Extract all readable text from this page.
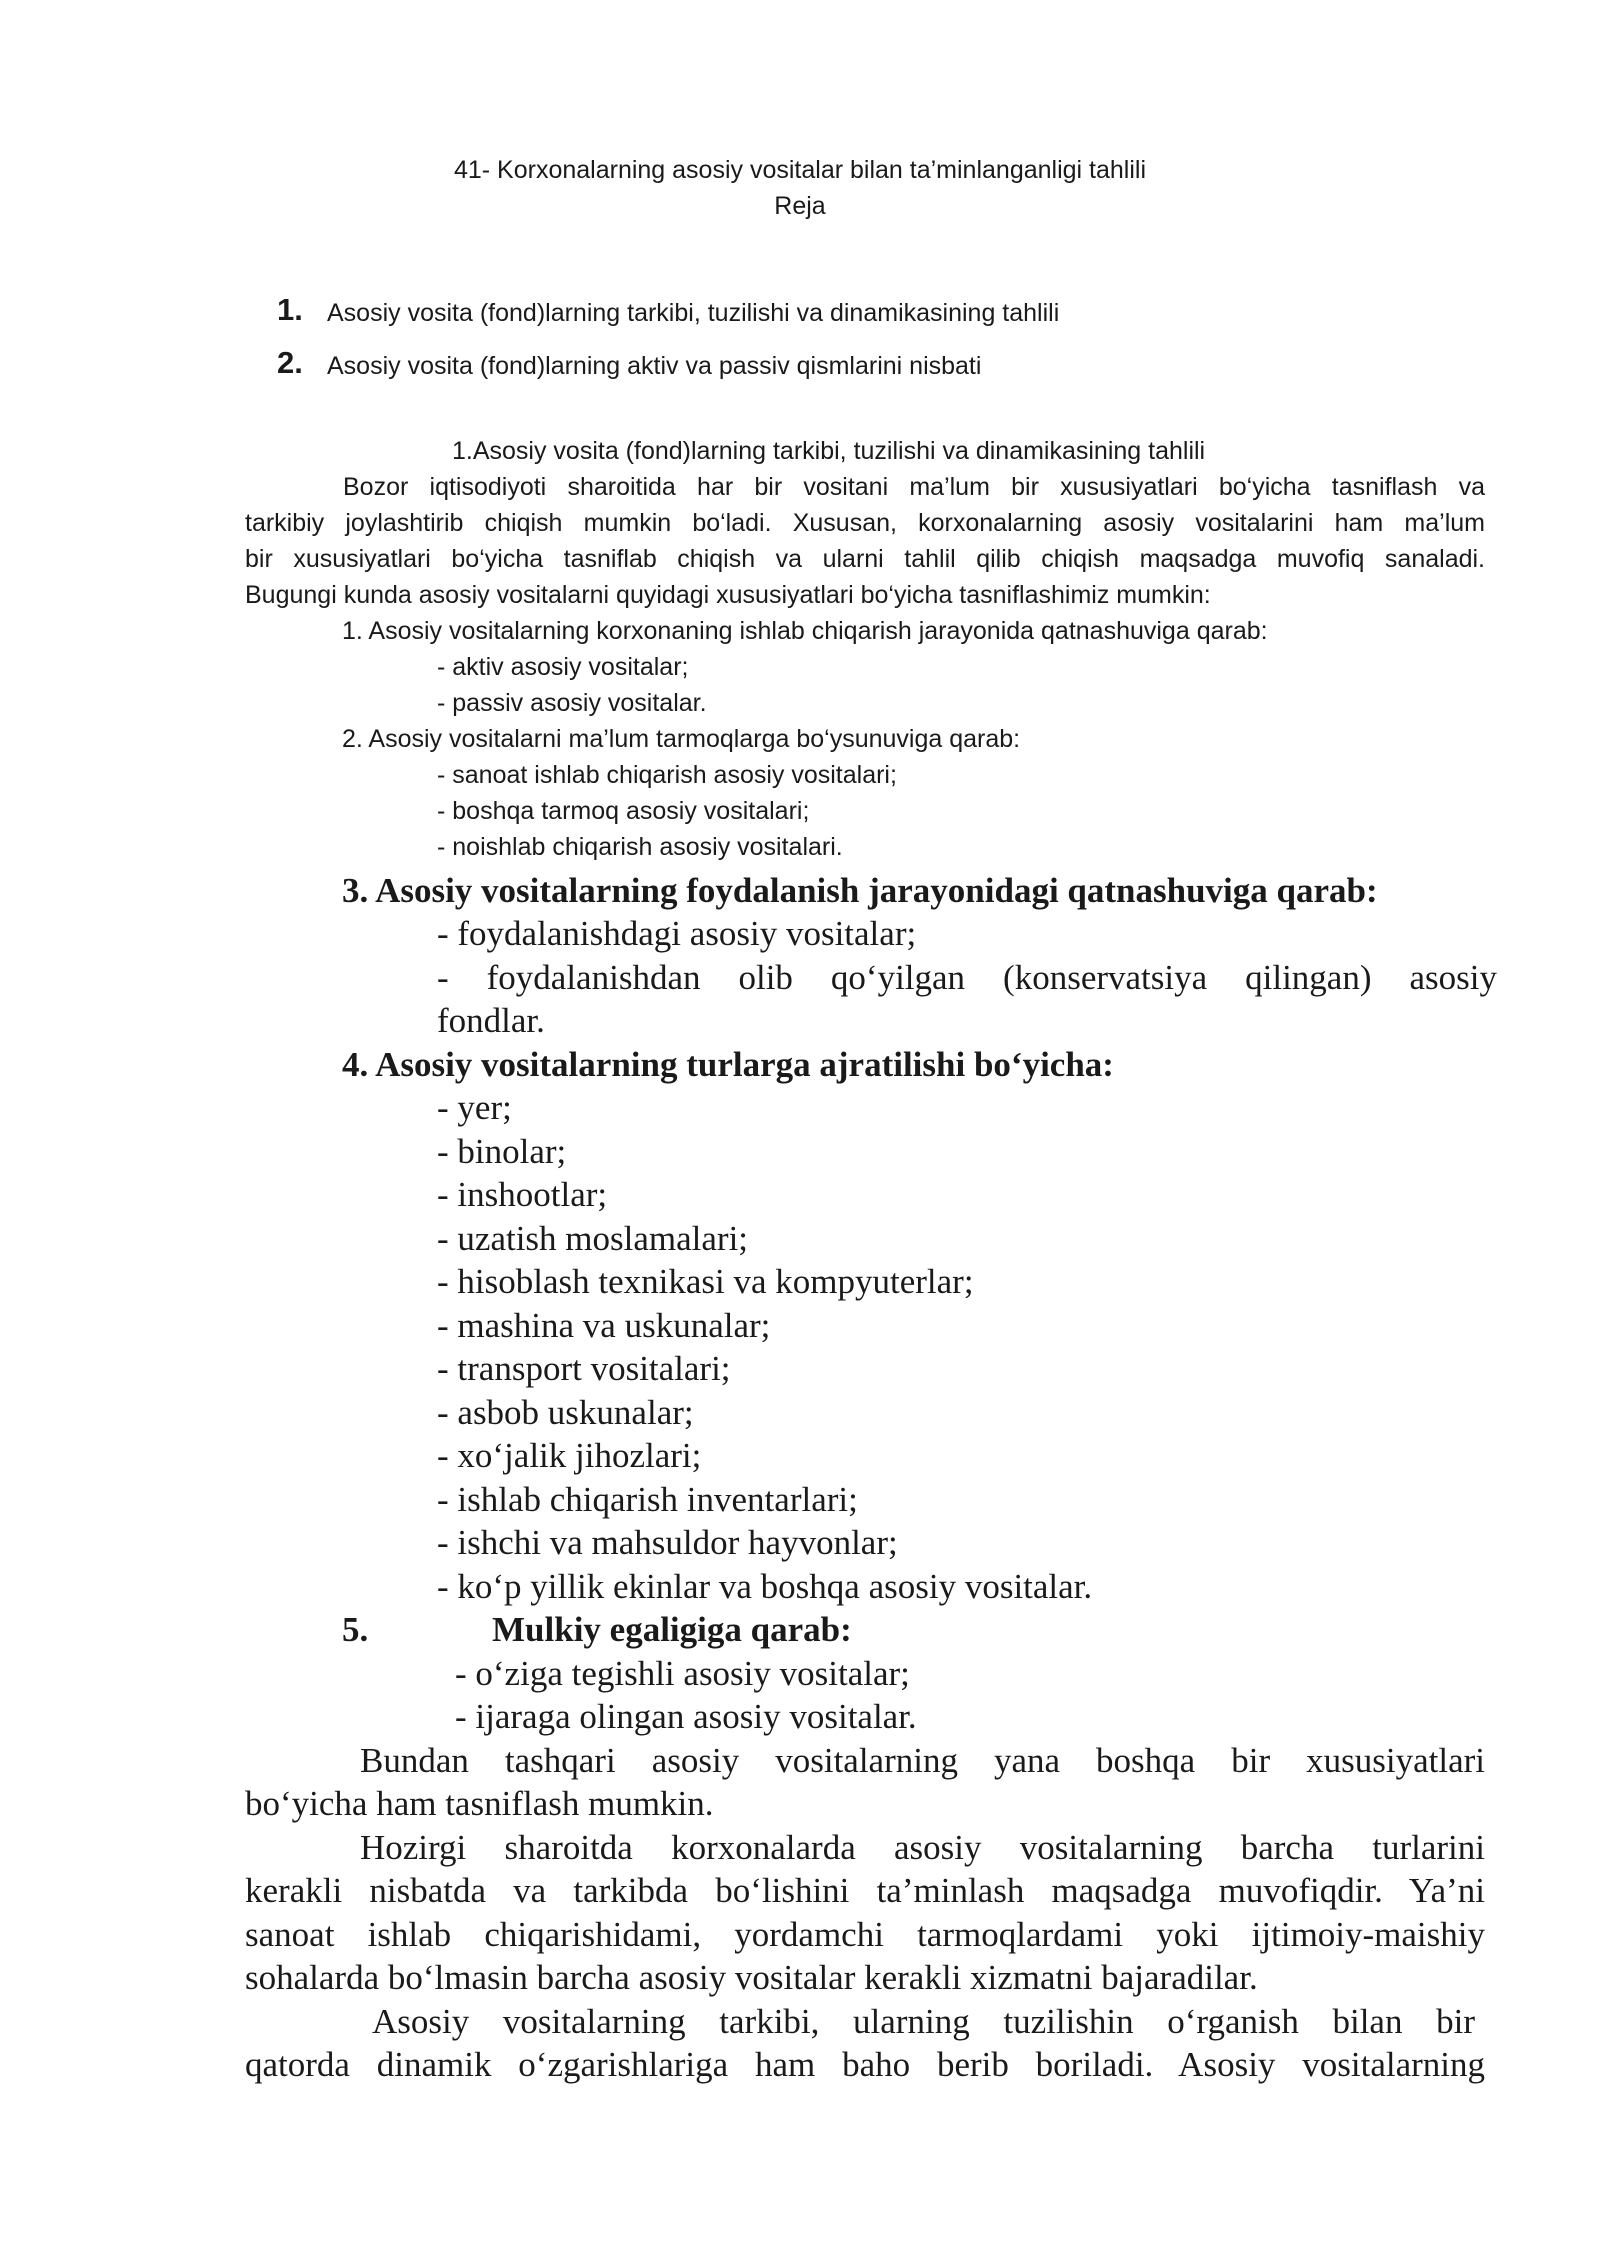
41- Korxonalarning asosiy vositalar bilan ta’minlanganligi tahlili
Reja
1. Asosiy vosita (fond)larning tarkibi, tuzilishi va dinamikasining tahlili
2. Asosiy vosita (fond)larning aktiv va passiv qismlarini nisbati
1.Asosiy vosita (fond)larning tarkibi, tuzilishi va dinamikasining tahlili
Bozor iqtisodiyoti sharoitida har bir vositani ma’lum bir xususiyatlari bo‘yicha tasniflash va
tarkibiy joylashtirib chiqish mumkin bo‘ladi. Xususan, korxonalarning asosiy vositalarini ham ma’lum
bir xususiyatlari bo‘yicha tasniflab chiqish va ularni tahlil qilib chiqish maqsadga muvofiq sanaladi.
Bugungi kunda asosiy vositalarni quyidagi xususiyatlari bo‘yicha tasniflashimiz mumkin:
1. Asosiy vositalarning korxonaning ishlab chiqarish jarayonida qatnashuviga qarab:
- aktiv asosiy vositalar;
- passiv asosiy vositalar.
2. Asosiy vositalarni ma’lum tarmoqlarga bo‘ysunuviga qarab:
- sanoat ishlab chiqarish asosiy vositalari;
- boshqa tarmoq asosiy vositalari;
- noishlab chiqarish asosiy vositalari.
3. Asosiy vositalarning foydalanish jarayonidagi qatnashuviga qarab:
- foydalanishdagi asosiy vositalar;
- foydalanishdan olib qo‘yilgan (konservatsiya qilingan) asosiy
fondlar.
4. Asosiy vositalarning turlarga ajratilishi bo‘yicha:
- yer;
- binolar;
- inshootlar;
- uzatish moslamalari;
- hisoblash texnikasi va kompyuterlar;
- mashina va uskunalar;
- transport vositalari;
- asbob uskunalar;
- xo‘jalik jihozlari;
- ishlab chiqarish inventarlari;
- ishchi va mahsuldor hayvonlar;
- ko‘p yillik ekinlar va boshqa asosiy vositalar.
5.	Mulkiy egaligiga qarab:
- o‘ziga tegishli asosiy vositalar;
- ijaraga olingan asosiy vositalar.
Bundan tashqari asosiy vositalarning yana boshqa bir xususiyatlari
bo‘yicha ham tasniflash mumkin.
Hozirgi sharoitda korxonalarda asosiy vositalarning barcha turlarini
kerakli nisbatda va tarkibda bo‘lishini ta’minlash maqsadga muvofiqdir. Ya’ni
sanoat ishlab chiqarishidami, yordamchi tarmoqlardami yoki ijtimoiy-maishiy
sohalarda bo‘lmasin barcha asosiy vositalar kerakli xizmatni bajaradilar.
Asosiy vositalarning tarkibi, ularning tuzilishin o‘rganish bilan bir
qatorda dinamik o‘zgarishlariga ham baho berib boriladi. Asosiy vositalarning
